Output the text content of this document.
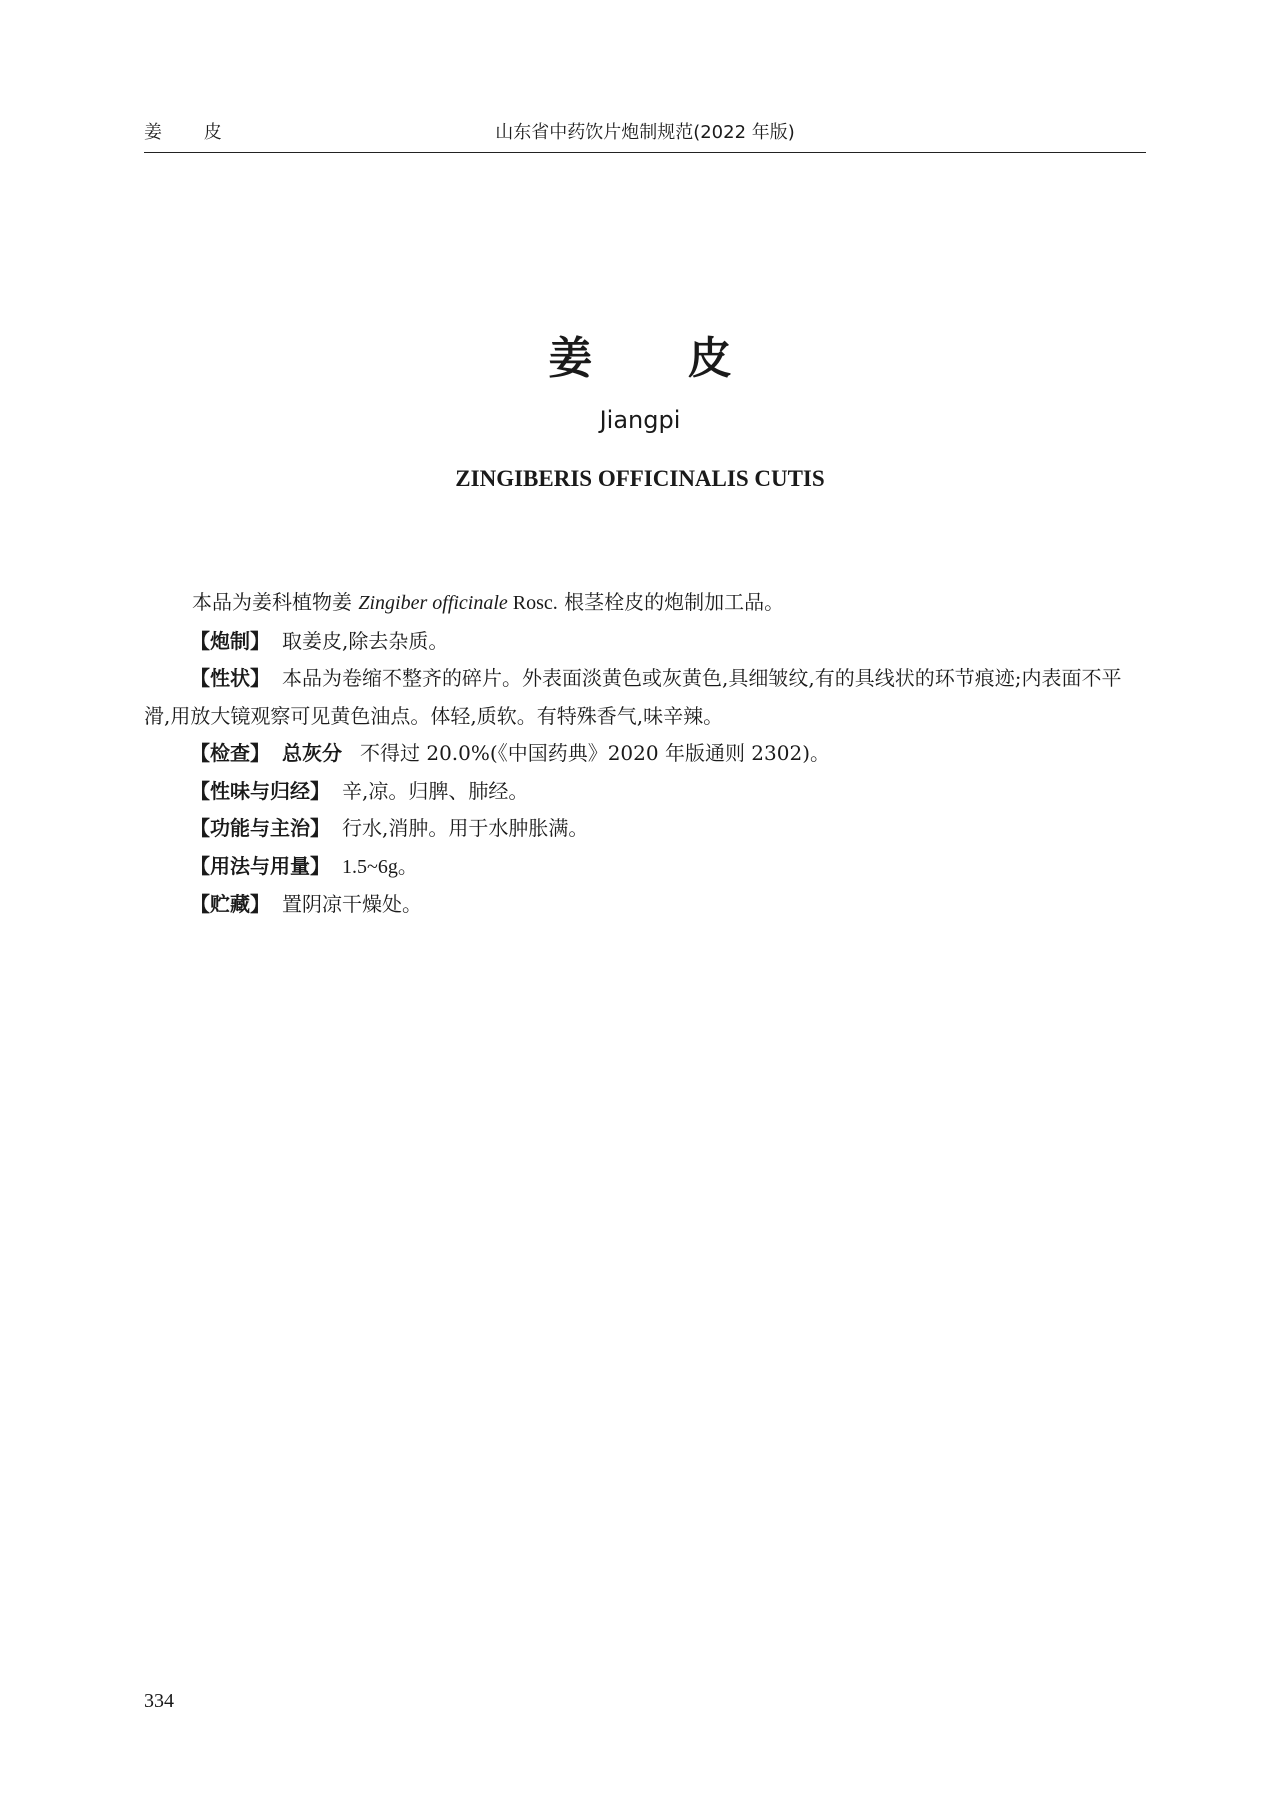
姜 皮	山东省中药饮片炮制规范(2022 年版)
姜 皮
Jiangpi
ZINGIBERIS OFFICINALIS CUTIS

本品为姜科植物姜 Zingiber officinale Rosc. 根茎栓皮的炮制加工品。

【炮制】 取姜皮,除去杂质。

【性状】 本品为卷缩不整齐的碎片。外表面淡黄色或灰黄色,具细皱纹,有的具线状的环节痕迹;内表面不平滑,用放大镜观察可见黄色油点。体轻,质软。有特殊香气,味辛辣。

【检查】 总灰分 不得过 20.0%(《中国药典》2020 年版通则 2302)。

【性味与归经】 辛,凉。归脾、肺经。

【功能与主治】 行水,消肿。用于水肿胀满。

【用法与用量】 1.5~6g。

【贮藏】 置阴凉干燥处。

334
